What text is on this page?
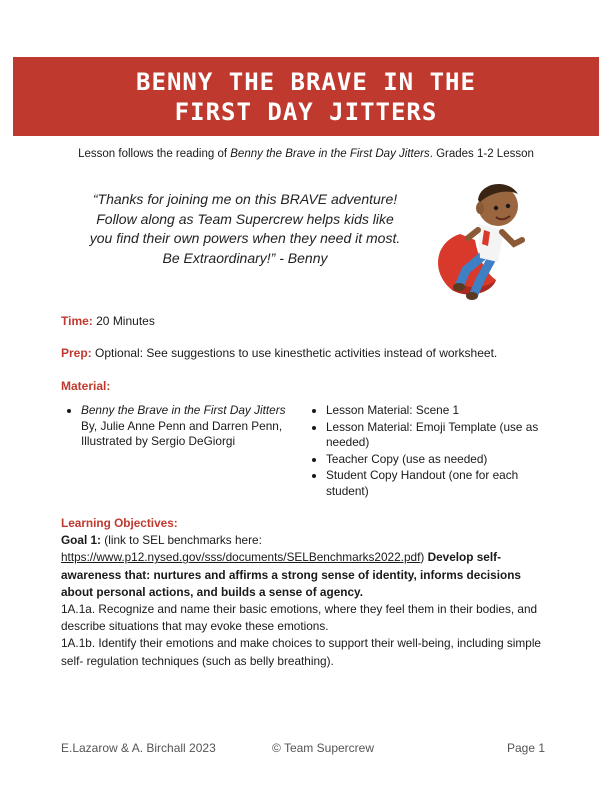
BENNY THE BRAVE IN THE
FIRST DAY JITTERS
Lesson follows the reading of Benny the Brave in the First Day Jitters. Grades 1-2 Lesson
“Thanks for joining me on this BRAVE adventure!
Follow along as Team Supercrew helps kids like
you find their own powers when they need it most.
Be Extraordinary!” - Benny
Time: 20 Minutes
Prep: Optional: See suggestions to use kinesthetic activities instead of worksheet.
Material:
• Benny the Brave in the First Day Jitters By, Julie Anne Penn and Darren Penn, Illustrated by Sergio DeGiorgi
• Lesson Material: Scene 1
• Lesson Material: Emoji Template (use as needed)
• Teacher Copy (use as needed)
• Student Copy Handout (one for each student)

Learning Objectives:

Goal 1: (link to SEL benchmarks here: https://www.p12.nysed.gov/sss/documents/SELBenchmarks2022.pdf) Develop self-awareness that: nurtures and affirms a strong sense of identity, informs decisions about personal actions, and builds a sense of agency.

1A.1a. Recognize and name their basic emotions, where they feel them in their bodies, and describe situations that may evoke these emotions.

1A.1b. Identify their emotions and make choices to support their well-being, including simple self- regulation techniques (such as belly breathing).

E.Lazarow & A. Birchall 2023	© Team Supercrew	Page 1
